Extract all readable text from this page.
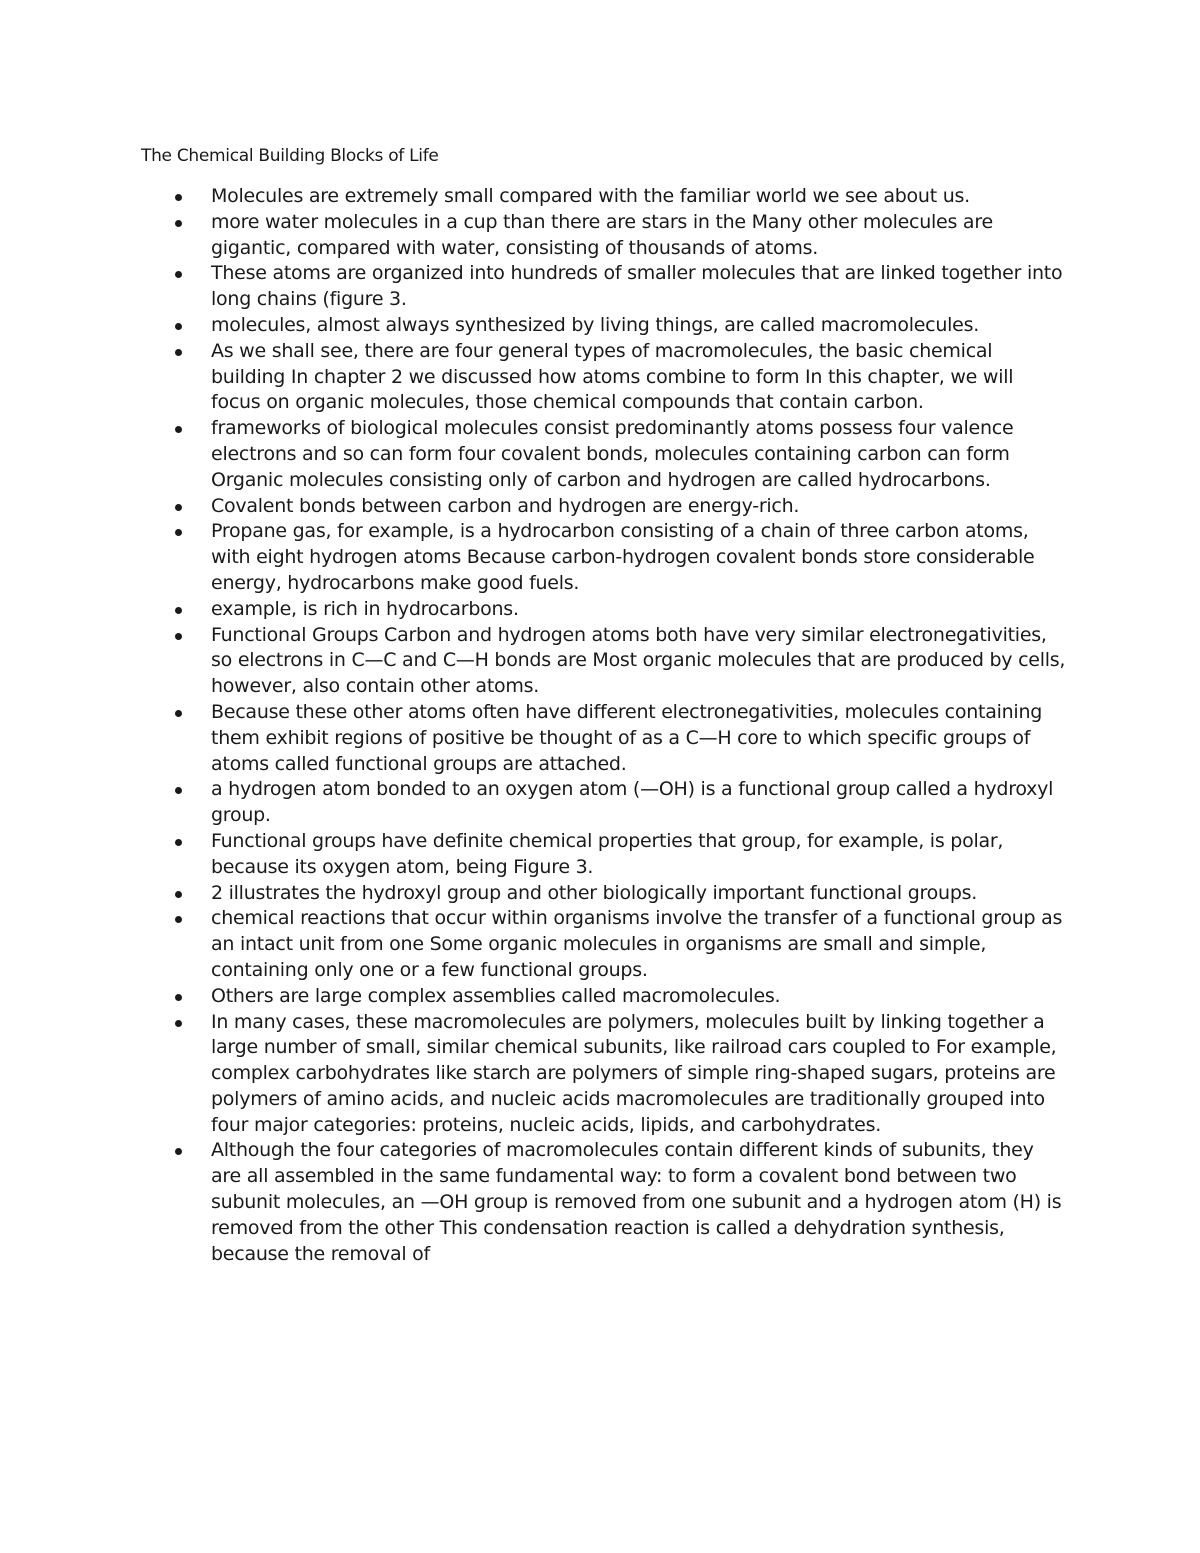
The Chemical Building Blocks of Life
Molecules are extremely small compared with the familiar world we see about us.
more water molecules in a cup than there are stars in the Many other molecules are gigantic, compared with water, consisting of thousands of atoms.
These atoms are organized into hundreds of smaller molecules that are linked together into long chains (figure 3.
molecules, almost always synthesized by living things, are called macromolecules.
As we shall see, there are four general types of macromolecules, the basic chemical building In chapter 2 we discussed how atoms combine to form In this chapter, we will focus on organic molecules, those chemical compounds that contain carbon.
frameworks of biological molecules consist predominantly atoms possess four valence electrons and so can form four covalent bonds, molecules containing carbon can form Organic molecules consisting only of carbon and hydrogen are called hydrocarbons.
Covalent bonds between carbon and hydrogen are energy-rich.
Propane gas, for example, is a hydrocarbon consisting of a chain of three carbon atoms, with eight hydrogen atoms Because carbon-hydrogen covalent bonds store considerable energy, hydrocarbons make good fuels.
example, is rich in hydrocarbons.
Functional Groups Carbon and hydrogen atoms both have very similar electronegativities, so electrons in C—C and C—H bonds are Most organic molecules that are produced by cells, however, also contain other atoms.
Because these other atoms often have different electronegativities, molecules containing them exhibit regions of positive be thought of as a C—H core to which specific groups of atoms called functional groups are attached.
a hydrogen atom bonded to an oxygen atom (—OH) is a functional group called a hydroxyl group.
Functional groups have definite chemical properties that group, for example, is polar, because its oxygen atom, being Figure 3.
2 illustrates the hydroxyl group and other biologically important functional groups.
chemical reactions that occur within organisms involve the transfer of a functional group as an intact unit from one Some organic molecules in organisms are small and simple, containing only one or a few functional groups.
Others are large complex assemblies called macromolecules.
In many cases, these macromolecules are polymers, molecules built by linking together a large number of small, similar chemical subunits, like railroad cars coupled to For example, complex carbohydrates like starch are polymers of simple ring-shaped sugars, proteins are polymers of amino acids, and nucleic acids macromolecules are traditionally grouped into four major categories: proteins, nucleic acids, lipids, and carbohydrates.
Although the four categories of macromolecules contain different kinds of subunits, they are all assembled in the same fundamental way: to form a covalent bond between two subunit molecules, an —OH group is removed from one subunit and a hydrogen atom (H) is removed from the other This condensation reaction is called a dehydration synthesis, because the removal of
